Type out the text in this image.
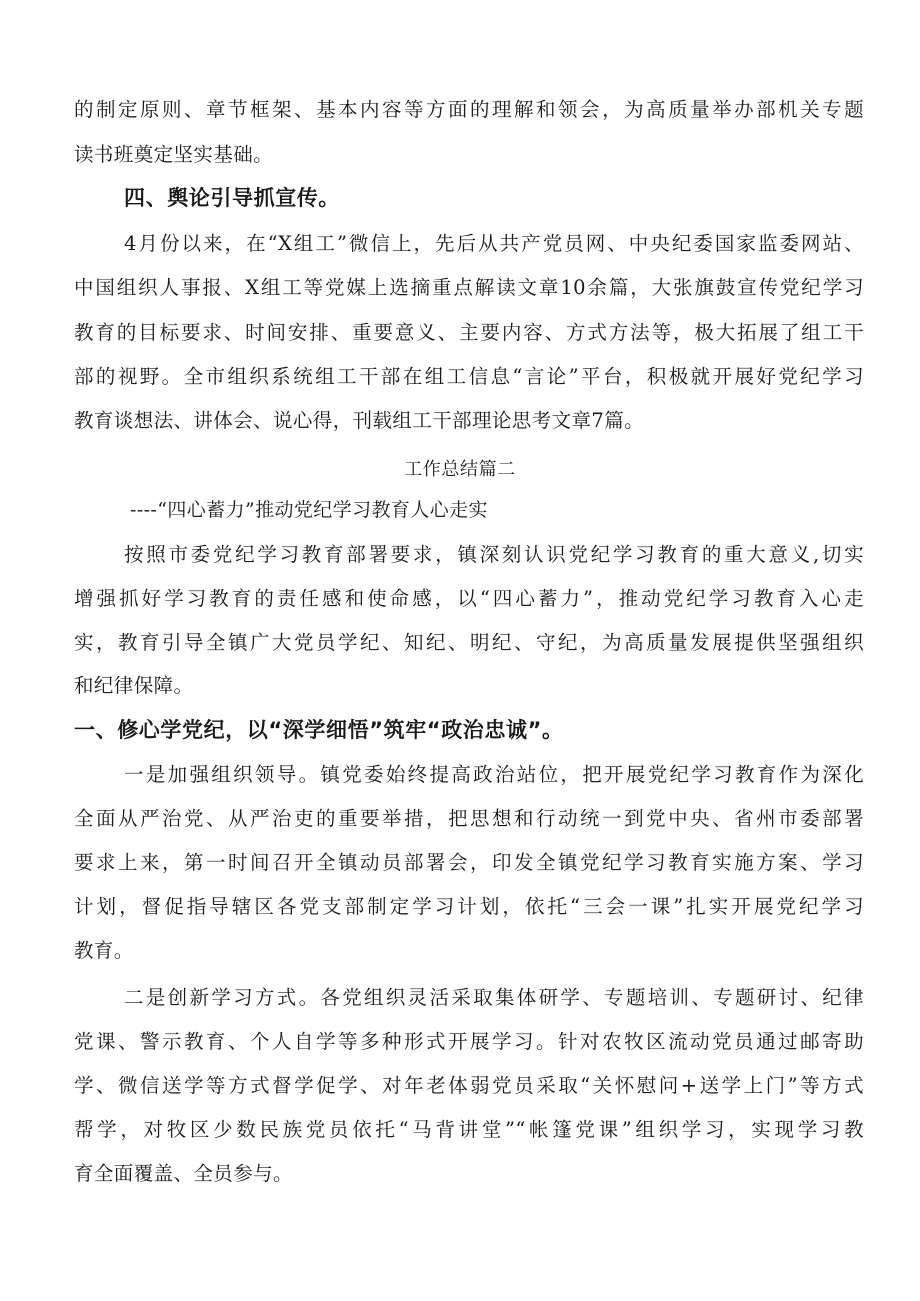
的制定原则、章节框架、基本内容等方面的理解和领会，为高质量举办部机关专题
读书班奠定坚实基础。
四、舆论引导抓宣传。
4月份以来，在“X组工”微信上，先后从共产党员网、中央纪委国家监委网站、
中国组织人事报、X组工等党媒上选摘重点解读文章10余篇，大张旗鼓宣传党纪学习
教育的目标要求、时间安排、重要意义、主要内容、方式方法等，极大拓展了组工干
部的视野。全市组织系统组工干部在组工信息“言论”平台，积极就开展好党纪学习
教育谈想法、讲体会、说心得，刊载组工干部理论思考文章7篇。
工作总结篇二
----“四心蓄力”推动党纪学习教育人心走实
按照市委党纪学习教育部署要求，镇深刻认识党纪学习教育的重大意义,切实
增强抓好学习教育的责任感和使命感，以“四心蓄力”，推动党纪学习教育入心走
实，教育引导全镇广大党员学纪、知纪、明纪、守纪，为高质量发展提供坚强组织
和纪律保障。
一、修心学党纪，以“深学细悟”筑牢“政治忠诚”。
一是加强组织领导。镇党委始终提高政治站位，把开展党纪学习教育作为深化
全面从严治党、从严治吏的重要举措，把思想和行动统一到党中央、省州市委部署
要求上来，第一时间召开全镇动员部署会，印发全镇党纪学习教育实施方案、学习
计划，督促指导辖区各党支部制定学习计划，依托“三会一课”扎实开展党纪学习
教育。
二是创新学习方式。各党组织灵活采取集体研学、专题培训、专题研讨、纪律
党课、警示教育、个人自学等多种形式开展学习。针对农牧区流动党员通过邮寄助
学、微信送学等方式督学促学、对年老体弱党员采取“关怀慰问+送学上门”等方式
帮学，对牧区少数民族党员依托“马背讲堂”“帐篷党课”组织学习，实现学习教
育全面覆盖、全员参与。
